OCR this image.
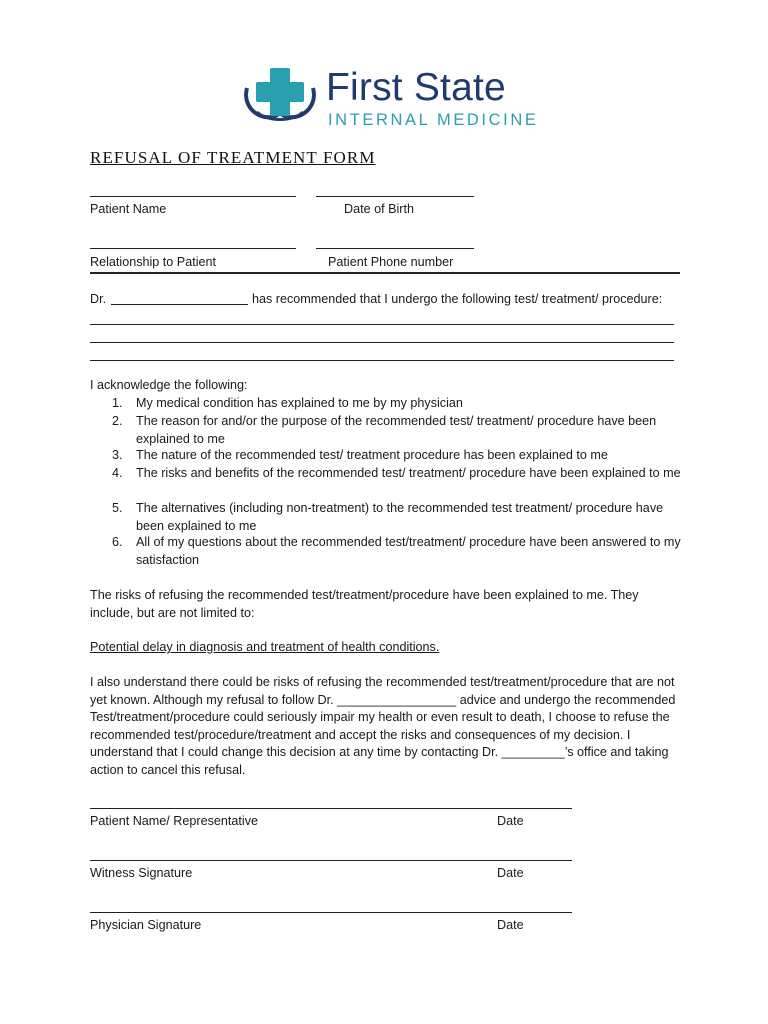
First State
INTERNAL MEDICINE
REFUSAL OF TREATMENT FORM
Patient Name	Date of Birth
Relationship to Patient	Patient Phone number
Dr.	has recommended that I undergo the following test/ treatment/ procedure:
I acknowledge the following:
1. My medical condition has explained to me by my physician
2. The reason for and/or the purpose of the recommended test/ treatment/ procedure have been explained to me
3. The nature of the recommended test/ treatment procedure has been explained to me
4. The risks and benefits of the recommended test/ treatment/ procedure have been explained to me
5. The alternatives (including non-treatment) to the recommended test treatment/ procedure have been explained to me
6. All of my questions about the recommended test/treatment/ procedure have been answered to my satisfaction
The risks of refusing the recommended test/treatment/procedure have been explained to me. They include, but are not limited to:
Potential delay in diagnosis and treatment of health conditions.
I also understand there could be risks of refusing the recommended test/treatment/procedure that are not yet known. Although my refusal to follow Dr. _________________ advice and undergo the recommended Test/treatment/procedure could seriously impair my health or even result to death, I choose to refuse the recommended test/procedure/treatment and accept the risks and consequences of my decision. I understand that I could change this decision at any time by contacting Dr. _________’s office and taking action to cancel this refusal.
Patient Name/ Representative	Date
Witness Signature	Date
Physician Signature	Date
